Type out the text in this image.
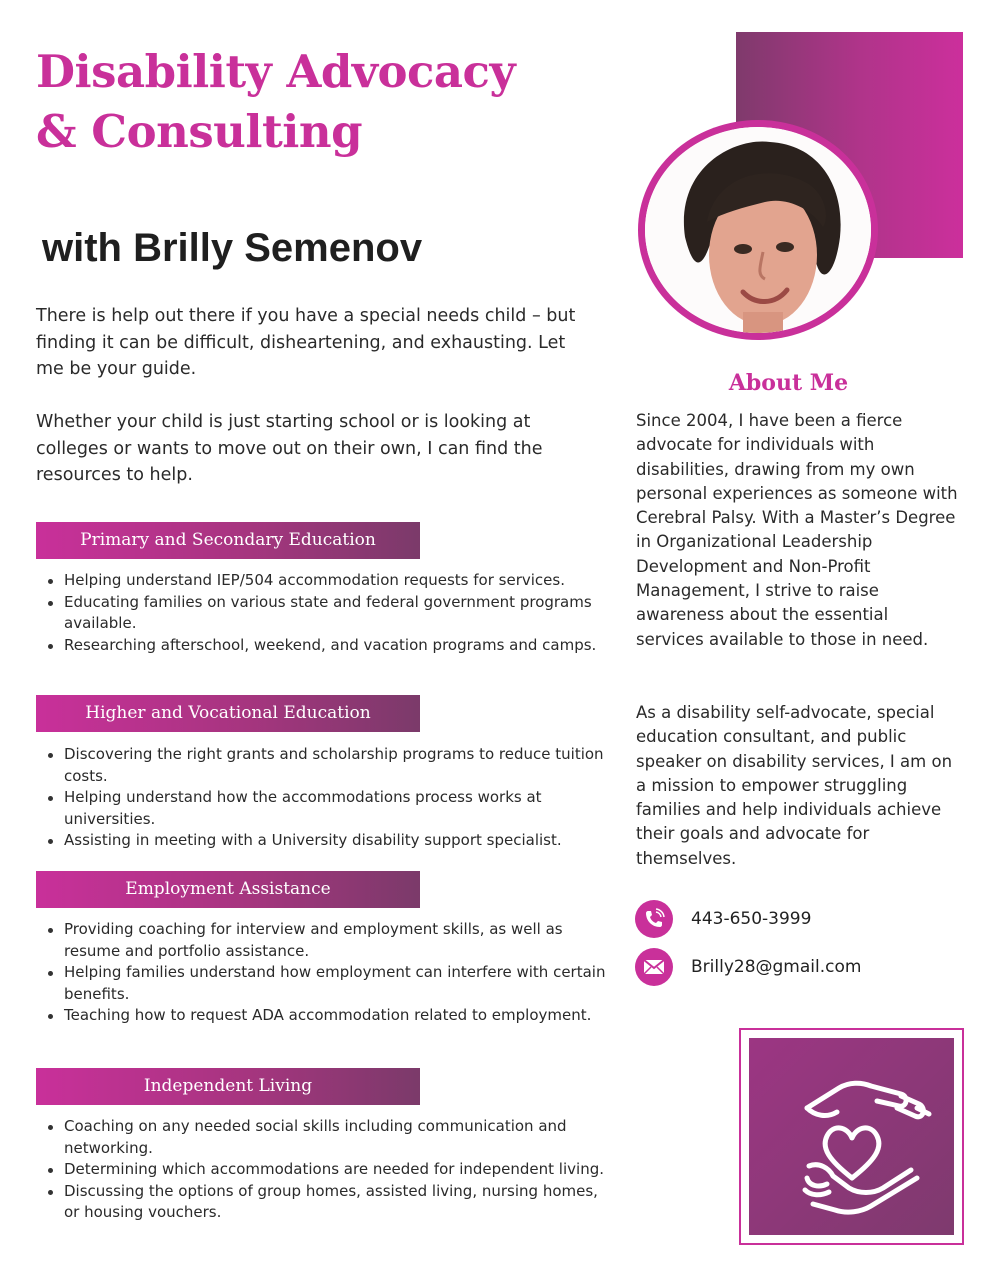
Disability Advocacy
& Consulting
with Brilly Semenov

There is help out there if you have a special needs child – but finding it can be difficult, disheartening, and exhausting. Let me be your guide.

Whether your child is just starting school or is looking at colleges or wants to move out on their own, I can find the resources to help.

Primary and Secondary Education
Helping understand IEP/504 accommodation requests for services.
Educating families on various state and federal government programs available.
Researching afterschool, weekend, and vacation programs and camps.
Higher and Vocational Education
Discovering the right grants and scholarship programs to reduce tuition costs.
Helping understand how the accommodations process works at universities.
Assisting in meeting with a University disability support specialist.
Employment Assistance
Providing coaching for interview and employment skills, as well as resume and portfolio assistance.
Helping families understand how employment can interfere with certain benefits.
Teaching how to request ADA accommodation related to employment.
Independent Living
Coaching on any needed social skills including communication and networking.
Determining which accommodations are needed for independent living.
Discussing the options of group homes, assisted living, nursing homes, or housing vouchers.
About Me

Since 2004, I have been a fierce advocate for individuals with disabilities, drawing from my own personal experiences as someone with Cerebral Palsy. With a Master’s Degree in Organizational Leadership Development and Non-Profit Management, I strive to raise awareness about the essential services available to those in need.

As a disability self-advocate, special education consultant, and public speaker on disability services, I am on a mission to empower struggling families and help individuals achieve their goals and advocate for themselves.

443-650-3999
Brilly28@gmail.com
